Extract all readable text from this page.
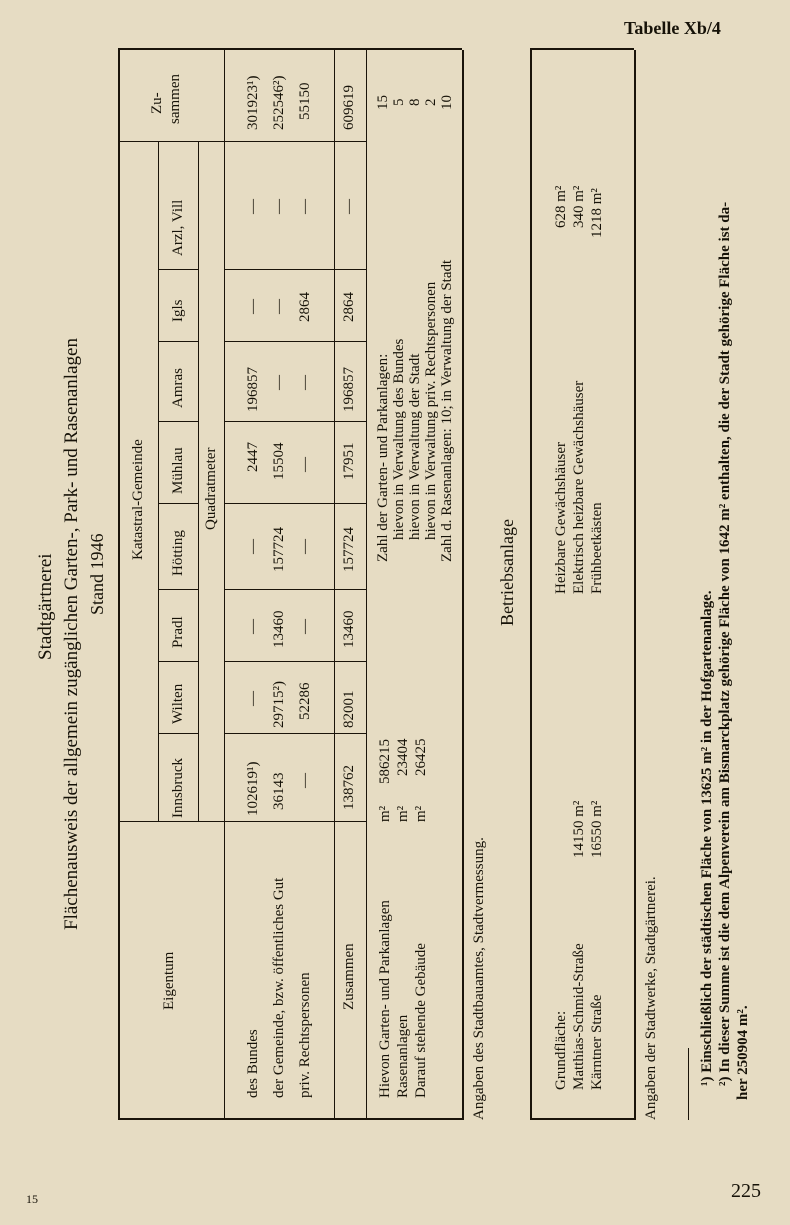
Tabelle Xb/4
225
15
Stadtgärtnerei Flächenausweis der allgemein zugänglichen Garten-, Park- und Rasenanlagen Stand 1946
Eigentum
Katastral-Gemeinde
Innsbruck
Wilten
Pradl
Hötting
Mühlau
Amras
Igls
Arzl, Vill
Zu- sammen
Quadratmeter
des Bundes der Gemeinde, bzw. öffentliches Gut priv. Rechtspersonen Zusammen
102619¹)
—
—
—
2447
196857
—
—
301923¹)
36143
29715²)
13460
157724
15504
—
—
—
252546²)
—
52286
—
—
—
—
2864
—
55150
138762
82001
13460
157724
17951
196857
2864
—
609619
Hievon Garten- und Parkanlagen Rasenanlagen Darauf stehende Gebäude
m² m² m²
586215 23404 26425
Zahl der Garten- und Parkanlagen: hievon in Verwaltung des Bundes hievon in Verwaltung der Stadt hievon in Verwaltung priv. Rechtspersonen Zahl d. Rasenanlagen: 10; in Verwaltung der Stadt
15 5 8 2 10
Angaben des Stadtbauamtes, Stadtvermessung.
Betriebsanlage
Grundfläche: Matthias-Schmid-Straße Kärntner Straße
14150 m² 16550 m²
Heizbare Gewächshäuser Elektrisch heizbare Gewächshäuser Frühbeetkästen
628 m² 340 m² 1218 m²
Angaben der Stadtwerke, Stadtgärtnerei.	¹) Einschließlich der städtischen Fläche von 13625 m² in der Hofgartenanlage. ²) In dieser Summe ist die dem Alpenverein am Bismarckplatz gehörige Fläche von 1642 m² enthalten, die der Stadt gehörige Fläche ist da- her 250904 m².
